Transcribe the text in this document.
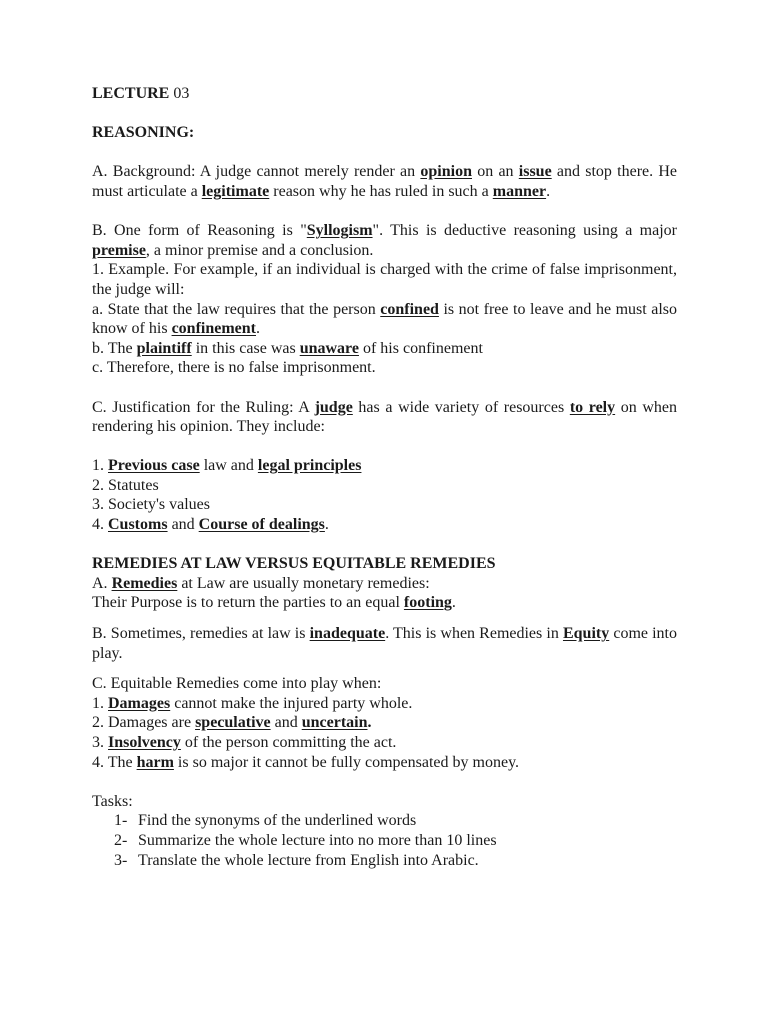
LECTURE 03

REASONING:

A. Background: A judge cannot merely render an opinion on an issue and stop there. He must articulate a legitimate reason why he has ruled in such a manner.

B. One form of Reasoning is "Syllogism". This is deductive reasoning using a major premise, a minor premise and a conclusion.

1. Example. For example, if an individual is charged with the crime of false imprisonment, the judge will:

a. State that the law requires that the person confined is not free to leave and he must also know of his confinement.

b. The plaintiff in this case was unaware of his confinement

c. Therefore, there is no false imprisonment.

C. Justification for the Ruling: A judge has a wide variety of resources to rely on when rendering his opinion. They include:

1. Previous case law and legal principles

2. Statutes

3. Society's values

4. Customs and Course of dealings.

REMEDIES AT LAW VERSUS EQUITABLE REMEDIES

A. Remedies at Law are usually monetary remedies:

Their Purpose is to return the parties to an equal footing.

B. Sometimes, remedies at law is inadequate. This is when Remedies in Equity come into play.

C. Equitable Remedies come into play when:

1. Damages cannot make the injured party whole.

2. Damages are speculative and uncertain.

3. Insolvency of the person committing the act.

4. The harm is so major it cannot be fully compensated by money.

Tasks:

1- Find the synonyms of the underlined words
2- Summarize the whole lecture into no more than 10 lines
3- Translate the whole lecture from English into Arabic.
